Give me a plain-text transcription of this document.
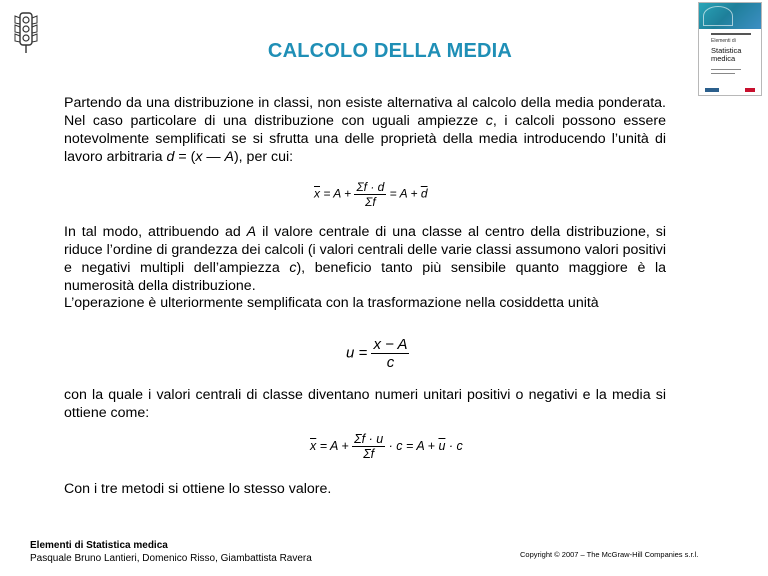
CALCOLO DELLA MEDIA	Elementi di
Statistica
medica
Partendo da una distribuzione in classi, non esiste alternativa al calcolo della media ponderata. Nel caso particolare di una distribuzione con uguali ampiezze c, i calcoli possono essere notevolmente semplificati se si sfrutta una delle proprietà della media introducendo l’unità di lavoro arbitraria d = (x — A), per cui:
$\overline{x} = A + \frac{\Sigma f \cdot d}{\Sigma f} = A + \overline{d}$
In tal modo, attribuendo ad A il valore centrale di una classe al centro della distribuzione, si riduce l’ordine di grandezza dei calcoli (i valori centrali delle varie classi assumono valori positivi e negativi multipli dell’ampiezza c), beneficio tanto più sensibile quanto maggiore è la numerosità della distribuzione.
L’operazione è ulteriormente semplificata con la trasformazione nella cosiddetta unità
$u = \frac{x - A}{c}$
con la quale i valori centrali di classe diventano numeri unitari positivi o negativi e la media si ottiene come:
$\overline{x} = A + \frac{\Sigma f \cdot u}{\Sigma f} \cdot c = A + \overline{u} \cdot c$
Con i tre metodi si ottiene lo stesso valore.
Elementi di Statistica medica
Pasquale Bruno Lantieri, Domenico Risso, Giambattista Ravera	Copyright © 2007 – The McGraw-Hill Companies s.r.l.
